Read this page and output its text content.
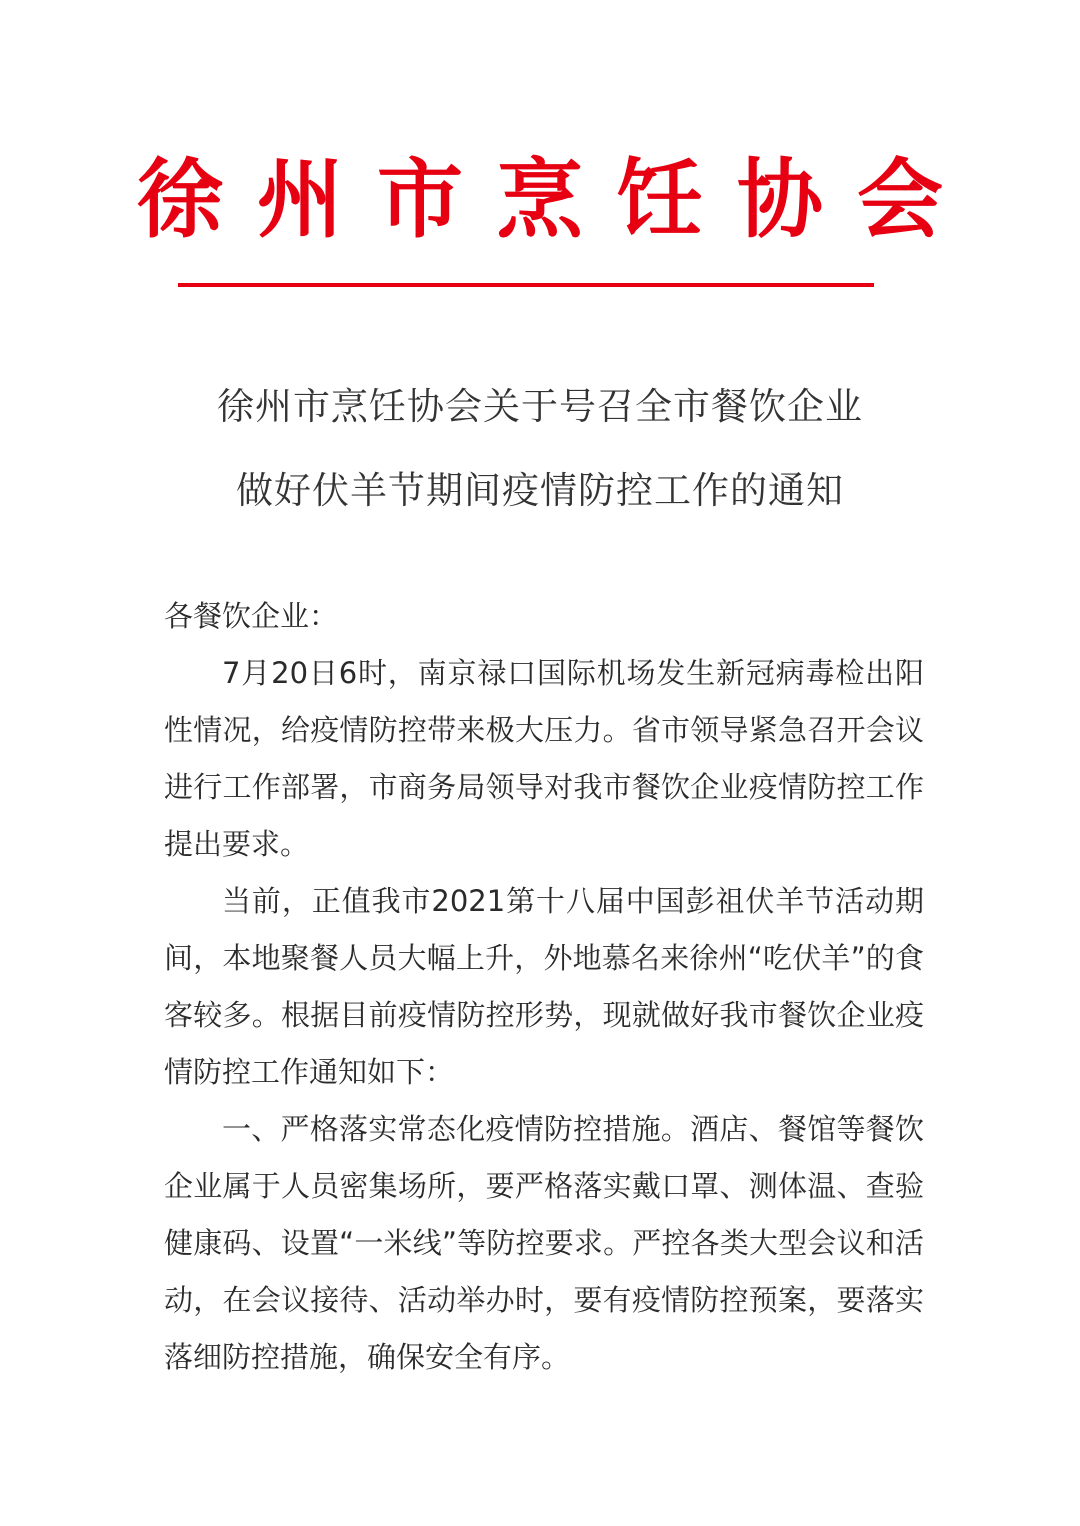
徐州市烹饪协会
徐州市烹饪协会关于号召全市餐饮企业
做好伏羊节期间疫情防控工作的通知

各餐饮企业：

7月20日6时，南京禄口国际机场发生新冠病毒检出阳性情况，给疫情防控带来极大压力。省市领导紧急召开会议进行工作部署，市商务局领导对我市餐饮企业疫情防控工作提出要求。

当前，正值我市2021第十八届中国彭祖伏羊节活动期间，本地聚餐人员大幅上升，外地慕名来徐州“吃伏羊”的食客较多。根据目前疫情防控形势，现就做好我市餐饮企业疫情防控工作通知如下：

一、严格落实常态化疫情防控措施。酒店、餐馆等餐饮企业属于人员密集场所，要严格落实戴口罩、测体温、查验健康码、设置“一米线”等防控要求。严控各类大型会议和活动，在会议接待、活动举办时，要有疫情防控预案，要落实落细防控措施，确保安全有序。
